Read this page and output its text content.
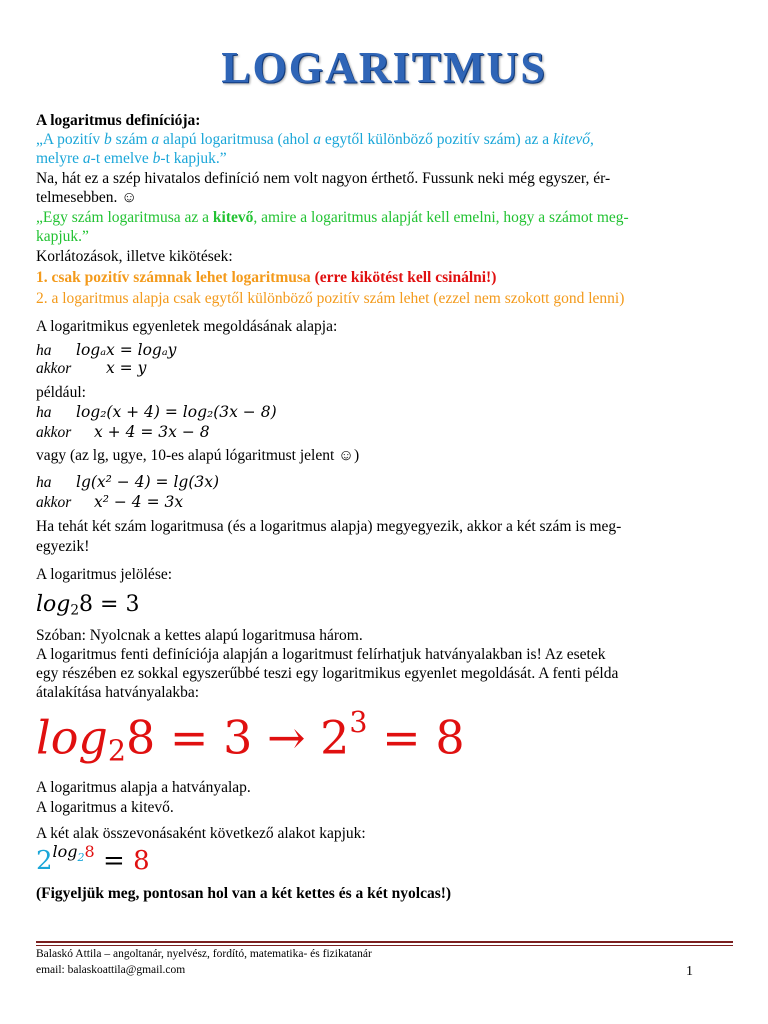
LOGARITMUS
A logaritmus definíciója:
„A pozitív b szám a alapú logaritmusa (ahol a egytől különböző pozitív szám) az a kitevő,
melyre a-t emelve b-t kapjuk.”
Na, hát ez a szép hivatalos definíció nem volt nagyon érthető. Fussunk neki még egyszer, ér-
telmesebben. ☺
„Egy szám logaritmusa az a kitevő, amire a logaritmus alapját kell emelni, hogy a számot meg-
kapjuk.”
Korlátozások, illetve kikötések:
1. csak pozitív számnak lehet logaritmusa (erre kikötést kell csinálni!)
2. a logaritmus alapja csak egytől különböző pozitív szám lehet (ezzel nem szokott gond lenni)
A logaritmikus egyenletek megoldásának alapja:
ha logₐx = logₐy
akkor x = y
például:
ha log₂(x + 4) = log₂(3x − 8)
akkor x + 4 = 3x − 8
vagy (az lg, ugye, 10-es alapú lógaritmust jelent ☺)
ha lg(x² − 4) = lg(3x)
akkor x² − 4 = 3x
Ha tehát két szám logaritmusa (és a logaritmus alapja) megyegyezik, akkor a két szám is meg-
egyezik!
A logaritmus jelölése:
$\log_28 = 3$
Szóban: Nyolcnak a kettes alapú logaritmusa három.
A logaritmus fenti definíciója alapján a logaritmust felírhatjuk hatványalakban is! Az esetek
egy részében ez sokkal egyszerűbbé teszi egy logaritmikus egyenlet megoldását. A fenti példa
átalakítása hatványalakba:
$\log_28 = 3 \to 2^3 = 8$
A logaritmus alapja a hatványalap.
A logaritmus a kitevő.
A két alak összevonásaként következő alakot kapjuk:
$2^{log_28} = 8$
(Figyeljük meg, pontosan hol van a két kettes és a két nyolcas!)
Balaskó Attila – angoltanár, nyelvész, fordító, matematika- és fizikatanár
email: balaskoattila@gmail.com	1
